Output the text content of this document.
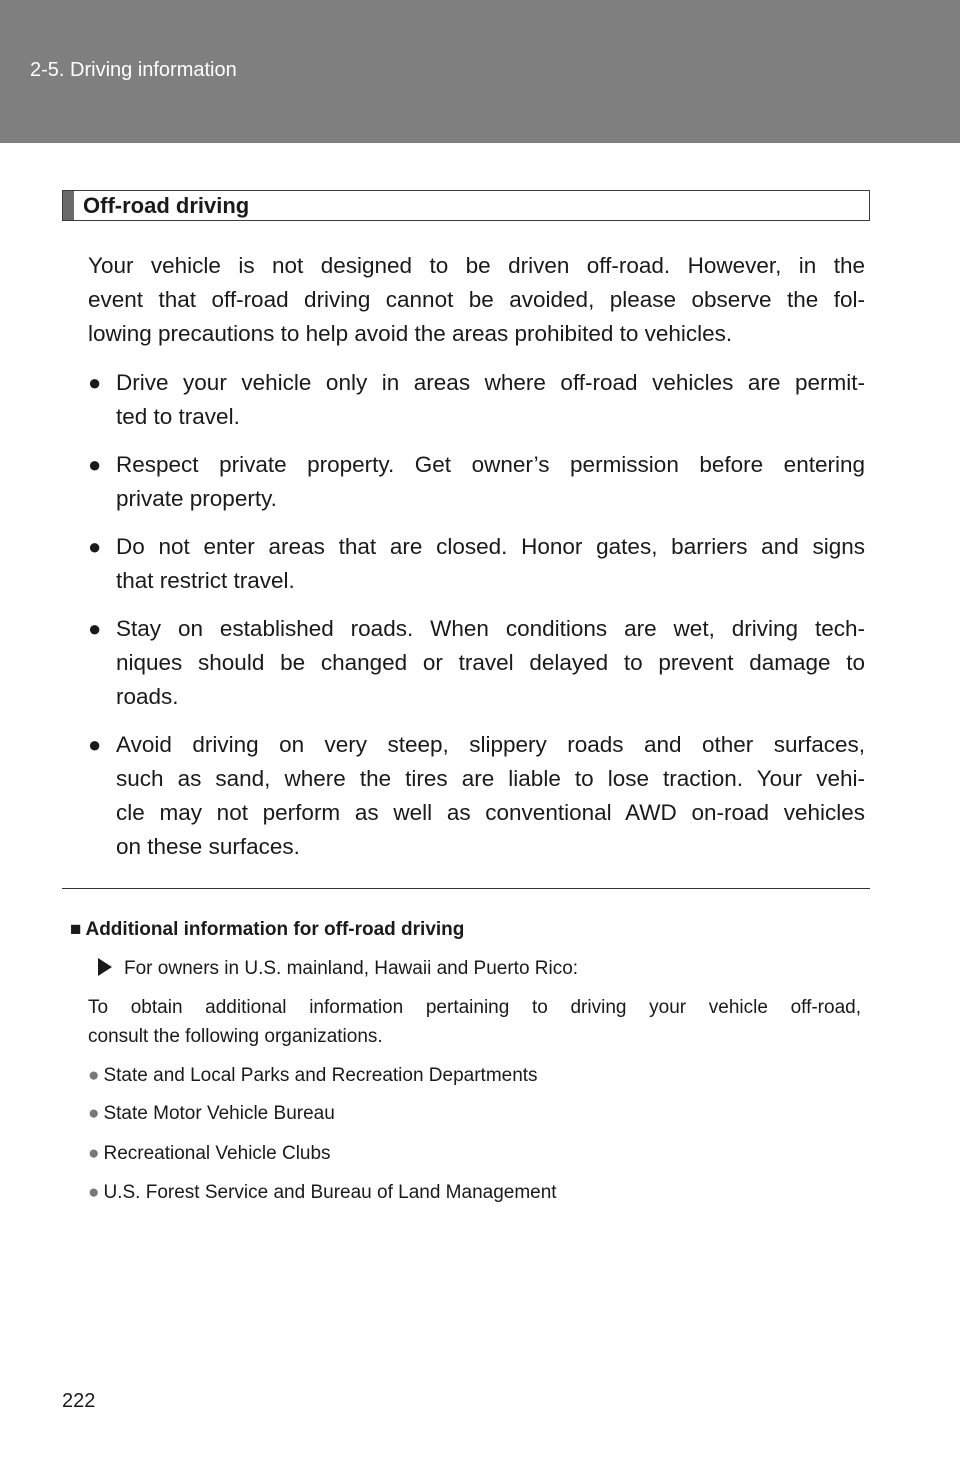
2-5. Driving information
Off-road driving
Your vehicle is not designed to be driven off-road. However, in the
event that off-road driving cannot be avoided, please observe the fol-
lowing precautions to help avoid the areas prohibited to vehicles.
● Drive your vehicle only in areas where off-road vehicles are permit-
ted to travel.
● Respect private property. Get owner’s permission before entering
private property.
● Do not enter areas that are closed. Honor gates, barriers and signs
that restrict travel.
● Stay on established roads. When conditions are wet, driving tech-
niques should be changed or travel delayed to prevent damage to
roads.
● Avoid driving on very steep, slippery roads and other surfaces,
such as sand, where the tires are liable to lose traction. Your vehi-
cle may not perform as well as conventional AWD on-road vehicles
on these surfaces.
■ Additional information for off-road driving
For owners in U.S. mainland, Hawaii and Puerto Rico:
To obtain additional information pertaining to driving your vehicle off-road,
consult the following organizations.
● State and Local Parks and Recreation Departments
● State Motor Vehicle Bureau
● Recreational Vehicle Clubs
● U.S. Forest Service and Bureau of Land Management
222
